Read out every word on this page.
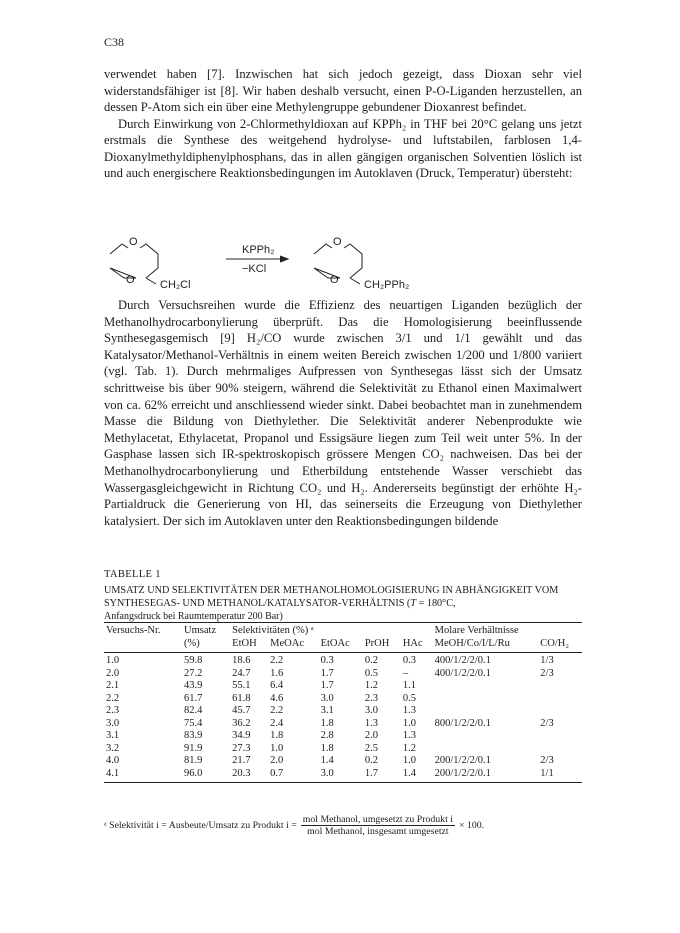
C38

verwendet haben [7]. Inzwischen hat sich jedoch gezeigt, dass Dioxan sehr viel widerstandsfähiger ist [8]. Wir haben deshalb versucht, einen P-O-Liganden herzustellen, an dessen P-Atom sich ein über eine Methylengruppe gebundener Dioxanrest befindet.

Durch Einwirkung von 2-Chlormethyldioxan auf KPPh₂ in THF bei 20°C gelang uns jetzt erstmals die Synthese des weitgehend hydrolyse- und luftstabilen, farblosen 1,4-Dioxanylmethyldiphenylphosphans, das in allen gängigen organischen Solventien löslich ist und auch energischere Reaktionsbedingungen im Autoklaven (Druck, Temperatur) übersteht:

O
O CH₂Cl
KPPh₂
−KCl
O
O CH₂PPh₂

Durch Versuchsreihen wurde die Effizienz des neuartigen Liganden bezüglich der Methanolhydrocarbonylierung überprüft. Das die Homologisierung beeinflussende Synthesegasgemisch [9] H₂/CO wurde zwischen 3/1 und 1/1 gewählt und das Katalysator/Methanol-Verhältnis in einem weiten Bereich zwischen 1/200 und 1/800 variiert (vgl. Tab. 1). Durch mehrmaliges Aufpressen von Synthesegas lässt sich der Umsatz schrittweise bis über 90% steigern, während die Selektivität zu Ethanol einen Maximalwert von ca. 62% erreicht und anschliessend wieder sinkt. Dabei beobachtet man in zunehmendem Masse die Bildung von Diethylether. Die Selektivität anderer Nebenprodukte wie Methylacetat, Ethylacetat, Propanol und Essigsäure liegen zum Teil weit unter 5%. In der Gasphase lassen sich IR-spektroskopisch grössere Mengen CO₂ nachweisen. Das bei der Methanolhydrocarbonylierung und Etherbildung entstehende Wasser verschiebt das Wassergasgleichgewicht in Richtung CO₂ und H₂. Andererseits begünstigt der erhöhte H₂-Partialdruck die Generierung von HI, das seinerseits die Erzeugung von Diethylether katalysiert. Der sich im Autoklaven unter den Reaktionsbedingungen bildende

TABELLE 1
UMSATZ UND SELEKTIVITÄTEN DER METHANOLHOMOLOGISIERUNG IN ABHÄNGIGKEIT VOM SYNTHESEGAS- UND METHANOL/KATALYSATOR-VERHÄLTNIS (T = 180°C,
Anfangsdruck bei Raumtemperatur 200 Bar)
Versuchs-Nr.	Umsatz	Selektivitäten (%) ᵃ					Molare Verhältnisse	
	(%)	EtOH	MeOAc	EtOAc	PrOH	HAc	MeOH/Co/I/L/Ru	CO/H₂
1.0	59.8	18.6	2.2	0.3	0.2	0.3	400/1/2/2/0.1	1/3
2.0	27.2	24.7	1.6	1.7	0.5	–	400/1/2/2/0.1	2/3
2.1	43.9	55.1	6.4	1.7	1.2	1.1		
2.2	61.7	61.8	4.6	3.0	2.3	0.5		
2.3	82.4	45.7	2.2	3.1	3.0	1.3		
3.0	75.4	36.2	2.4	1.8	1.3	1.0	800/1/2/2/0.1	2/3
3.1	83.9	34.9	1.8	2.8	2.0	1.3		
3.2	91.9	27.3	1.0	1.8	2.5	1.2		
4.0	81.9	21.7	2.0	1.4	0.2	1.0	200/1/2/2/0.1	2/3
4.1	96.0	20.3	0.7	3.0	1.7	1.4	200/1/2/2/0.1	1/1
ᵃ Selektivität i = Ausbeute/Umsatz zu Produkt $i = \frac{\text{mol Methanol, umgesetzt zu Produkt i}}{\text{mol Methanol, insgesamt umgesetzt}} \times 100$.
